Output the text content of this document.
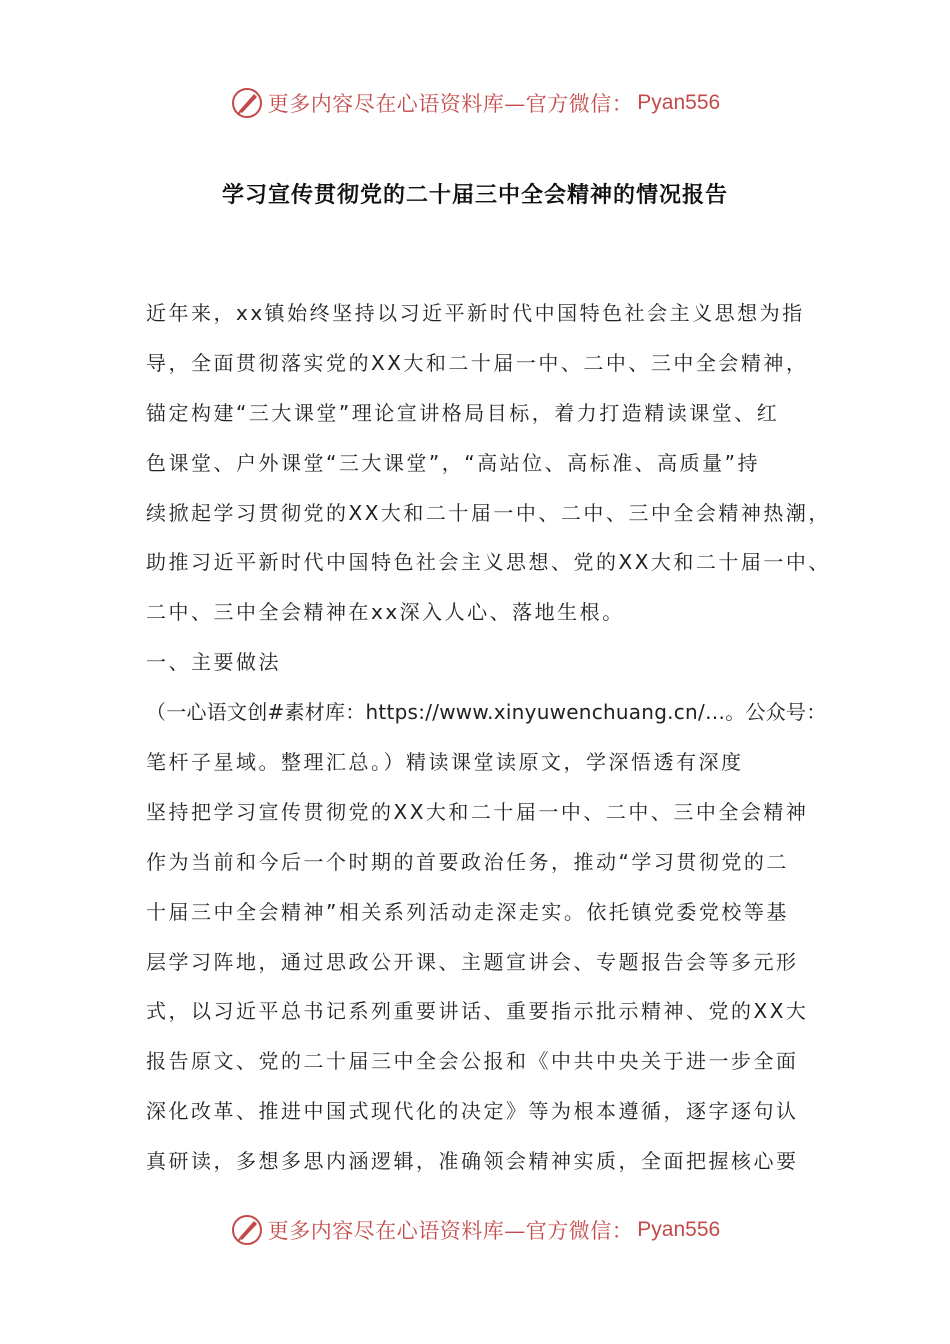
更多内容尽在心语资料库—官方微信： Pyan556
学习宣传贯彻党的二十届三中全会精神的情况报告
近年来，xx镇始终坚持以习近平新时代中国特色社会主义思想为指
导，全面贯彻落实党的XX大和二十届一中、二中、三中全会精神，
锚定构建“三大课堂”理论宣讲格局目标，着力打造精读课堂、红
色课堂、户外课堂“三大课堂”，“高站位、高标准、高质量”持
续掀起学习贯彻党的XX大和二十届一中、二中、三中全会精神热潮，
助推习近平新时代中国特色社会主义思想、党的XX大和二十届一中、
二中、三中全会精神在xx深入人心、落地生根。
一、主要做法
（一心语文创#素材库：https://www.xinyuwenchuang.cn/…。公众号：
笔杆子星域。整理汇总。）精读课堂读原文，学深悟透有深度
坚持把学习宣传贯彻党的XX大和二十届一中、二中、三中全会精神
作为当前和今后一个时期的首要政治任务，推动“学习贯彻党的二
十届三中全会精神”相关系列活动走深走实。依托镇党委党校等基
层学习阵地，通过思政公开课、主题宣讲会、专题报告会等多元形
式，以习近平总书记系列重要讲话、重要指示批示精神、党的XX大
报告原文、党的二十届三中全会公报和《中共中央关于进一步全面
深化改革、推进中国式现代化的决定》等为根本遵循，逐字逐句认
真研读，多想多思内涵逻辑，准确领会精神实质，全面把握核心要
更多内容尽在心语资料库—官方微信： Pyan556
